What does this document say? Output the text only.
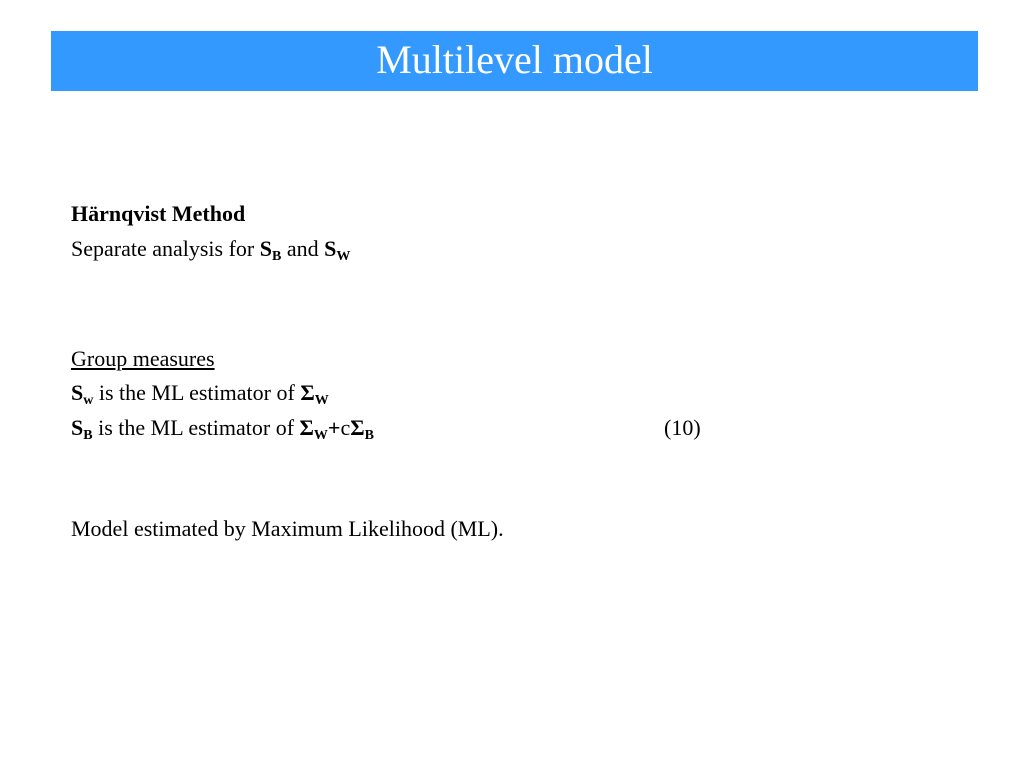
Multilevel model
Härnqvist Method
Separate analysis for $S_B$ and $S_W$
Group measures
$S_w$ is the ML estimator of $\Sigma_W$
$S_B$ is the ML estimator of $\Sigma_W+c\Sigma_B$	(10)
Model estimated by Maximum Likelihood (ML).
